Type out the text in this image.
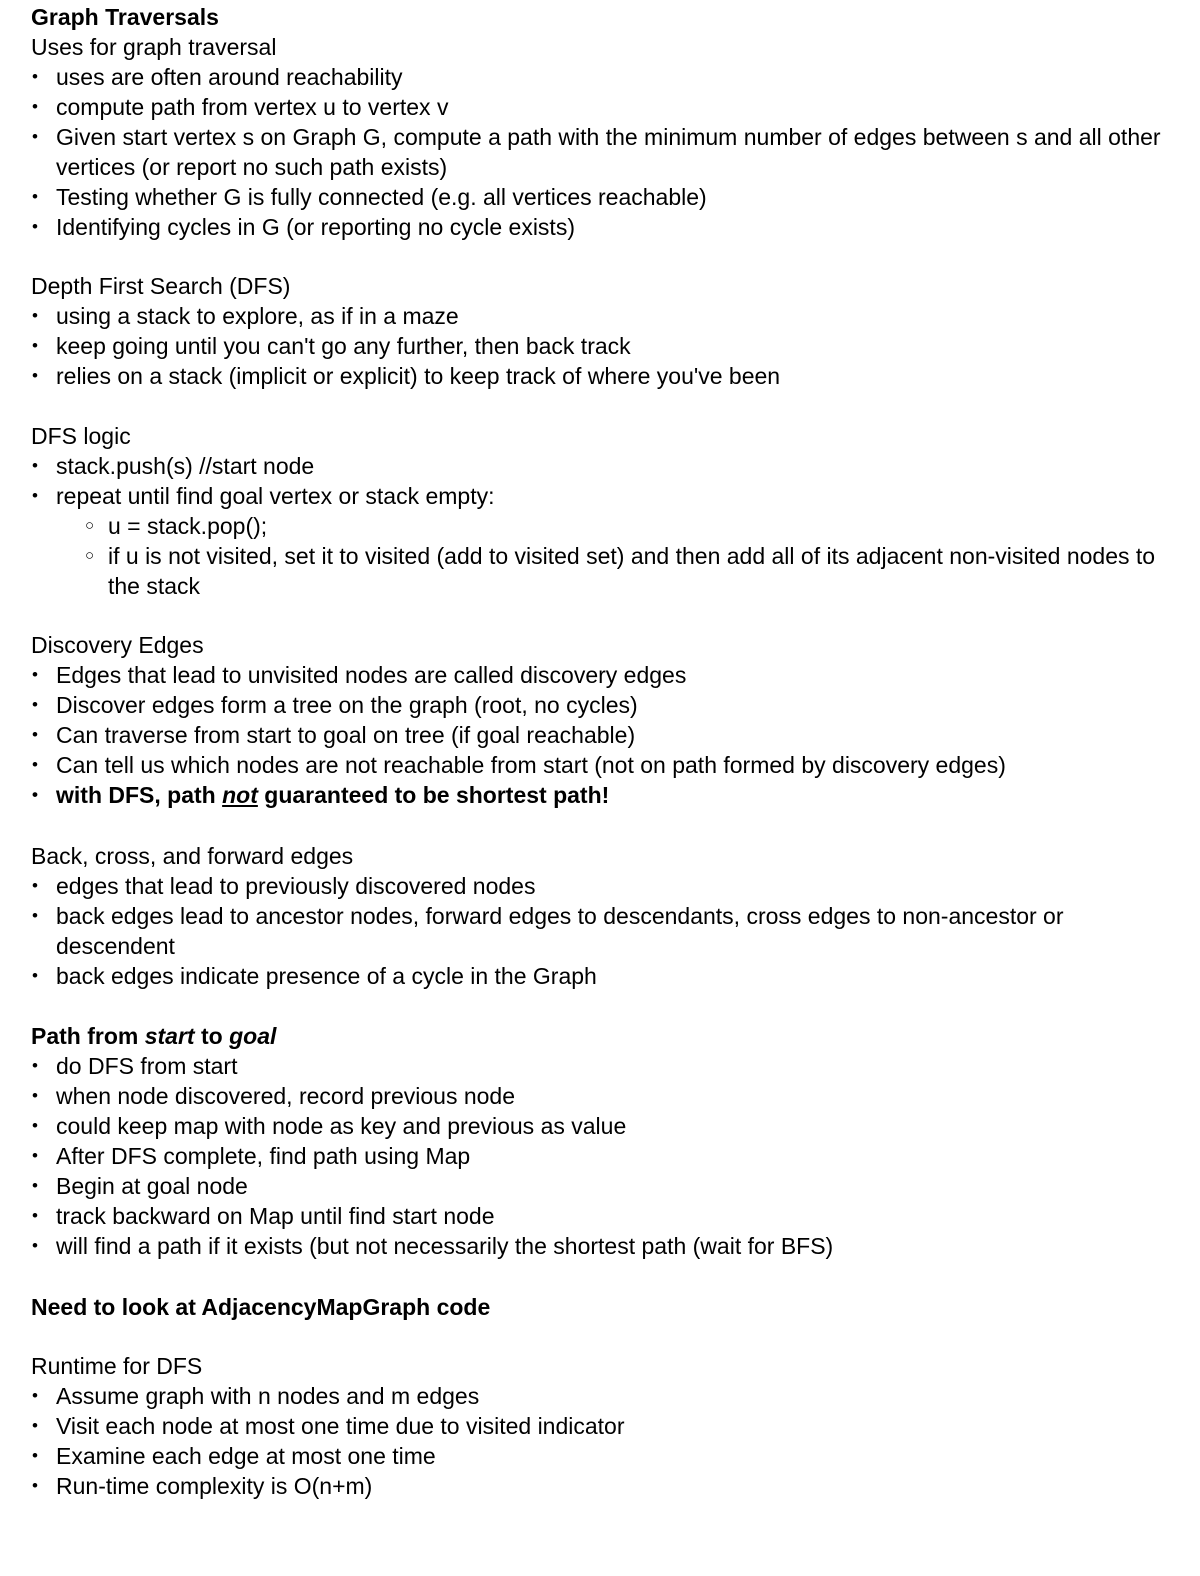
Graph Traversals
Uses for graph traversal
• uses are often around reachability
• compute path from vertex u to vertex v
• Given start vertex s on Graph G, compute a path with the minimum number of edges between s and all other vertices (or report no such path exists)
• Testing whether G is fully connected (e.g. all vertices reachable)
• Identifying cycles in G (or reporting no cycle exists)
Depth First Search (DFS)
• using a stack to explore, as if in a maze
• keep going until you can't go any further, then back track
• relies on a stack (implicit or explicit) to keep track of where you've been
DFS logic
• stack.push(s) //start node
• repeat until find goal vertex or stack empty:
○ u = stack.pop();
○ if u is not visited, set it to visited (add to visited set) and then add all of its adjacent non-visited nodes to the stack
Discovery Edges
• Edges that lead to unvisited nodes are called discovery edges
• Discover edges form a tree on the graph (root, no cycles)
• Can traverse from start to goal on tree (if goal reachable)
• Can tell us which nodes are not reachable from start (not on path formed by discovery edges)
• with DFS, path not guaranteed to be shortest path!
Back, cross, and forward edges
• edges that lead to previously discovered nodes
• back edges lead to ancestor nodes, forward edges to descendants, cross edges to non-ancestor or descendent
• back edges indicate presence of a cycle in the Graph
Path from start to goal
• do DFS from start
• when node discovered, record previous node
• could keep map with node as key and previous as value
• After DFS complete, find path using Map
• Begin at goal node
• track backward on Map until find start node
• will find a path if it exists (but not necessarily the shortest path (wait for BFS)
Need to look at AdjacencyMapGraph code
Runtime for DFS
• Assume graph with n nodes and m edges
• Visit each node at most one time due to visited indicator
• Examine each edge at most one time
• Run-time complexity is O(n+m)
